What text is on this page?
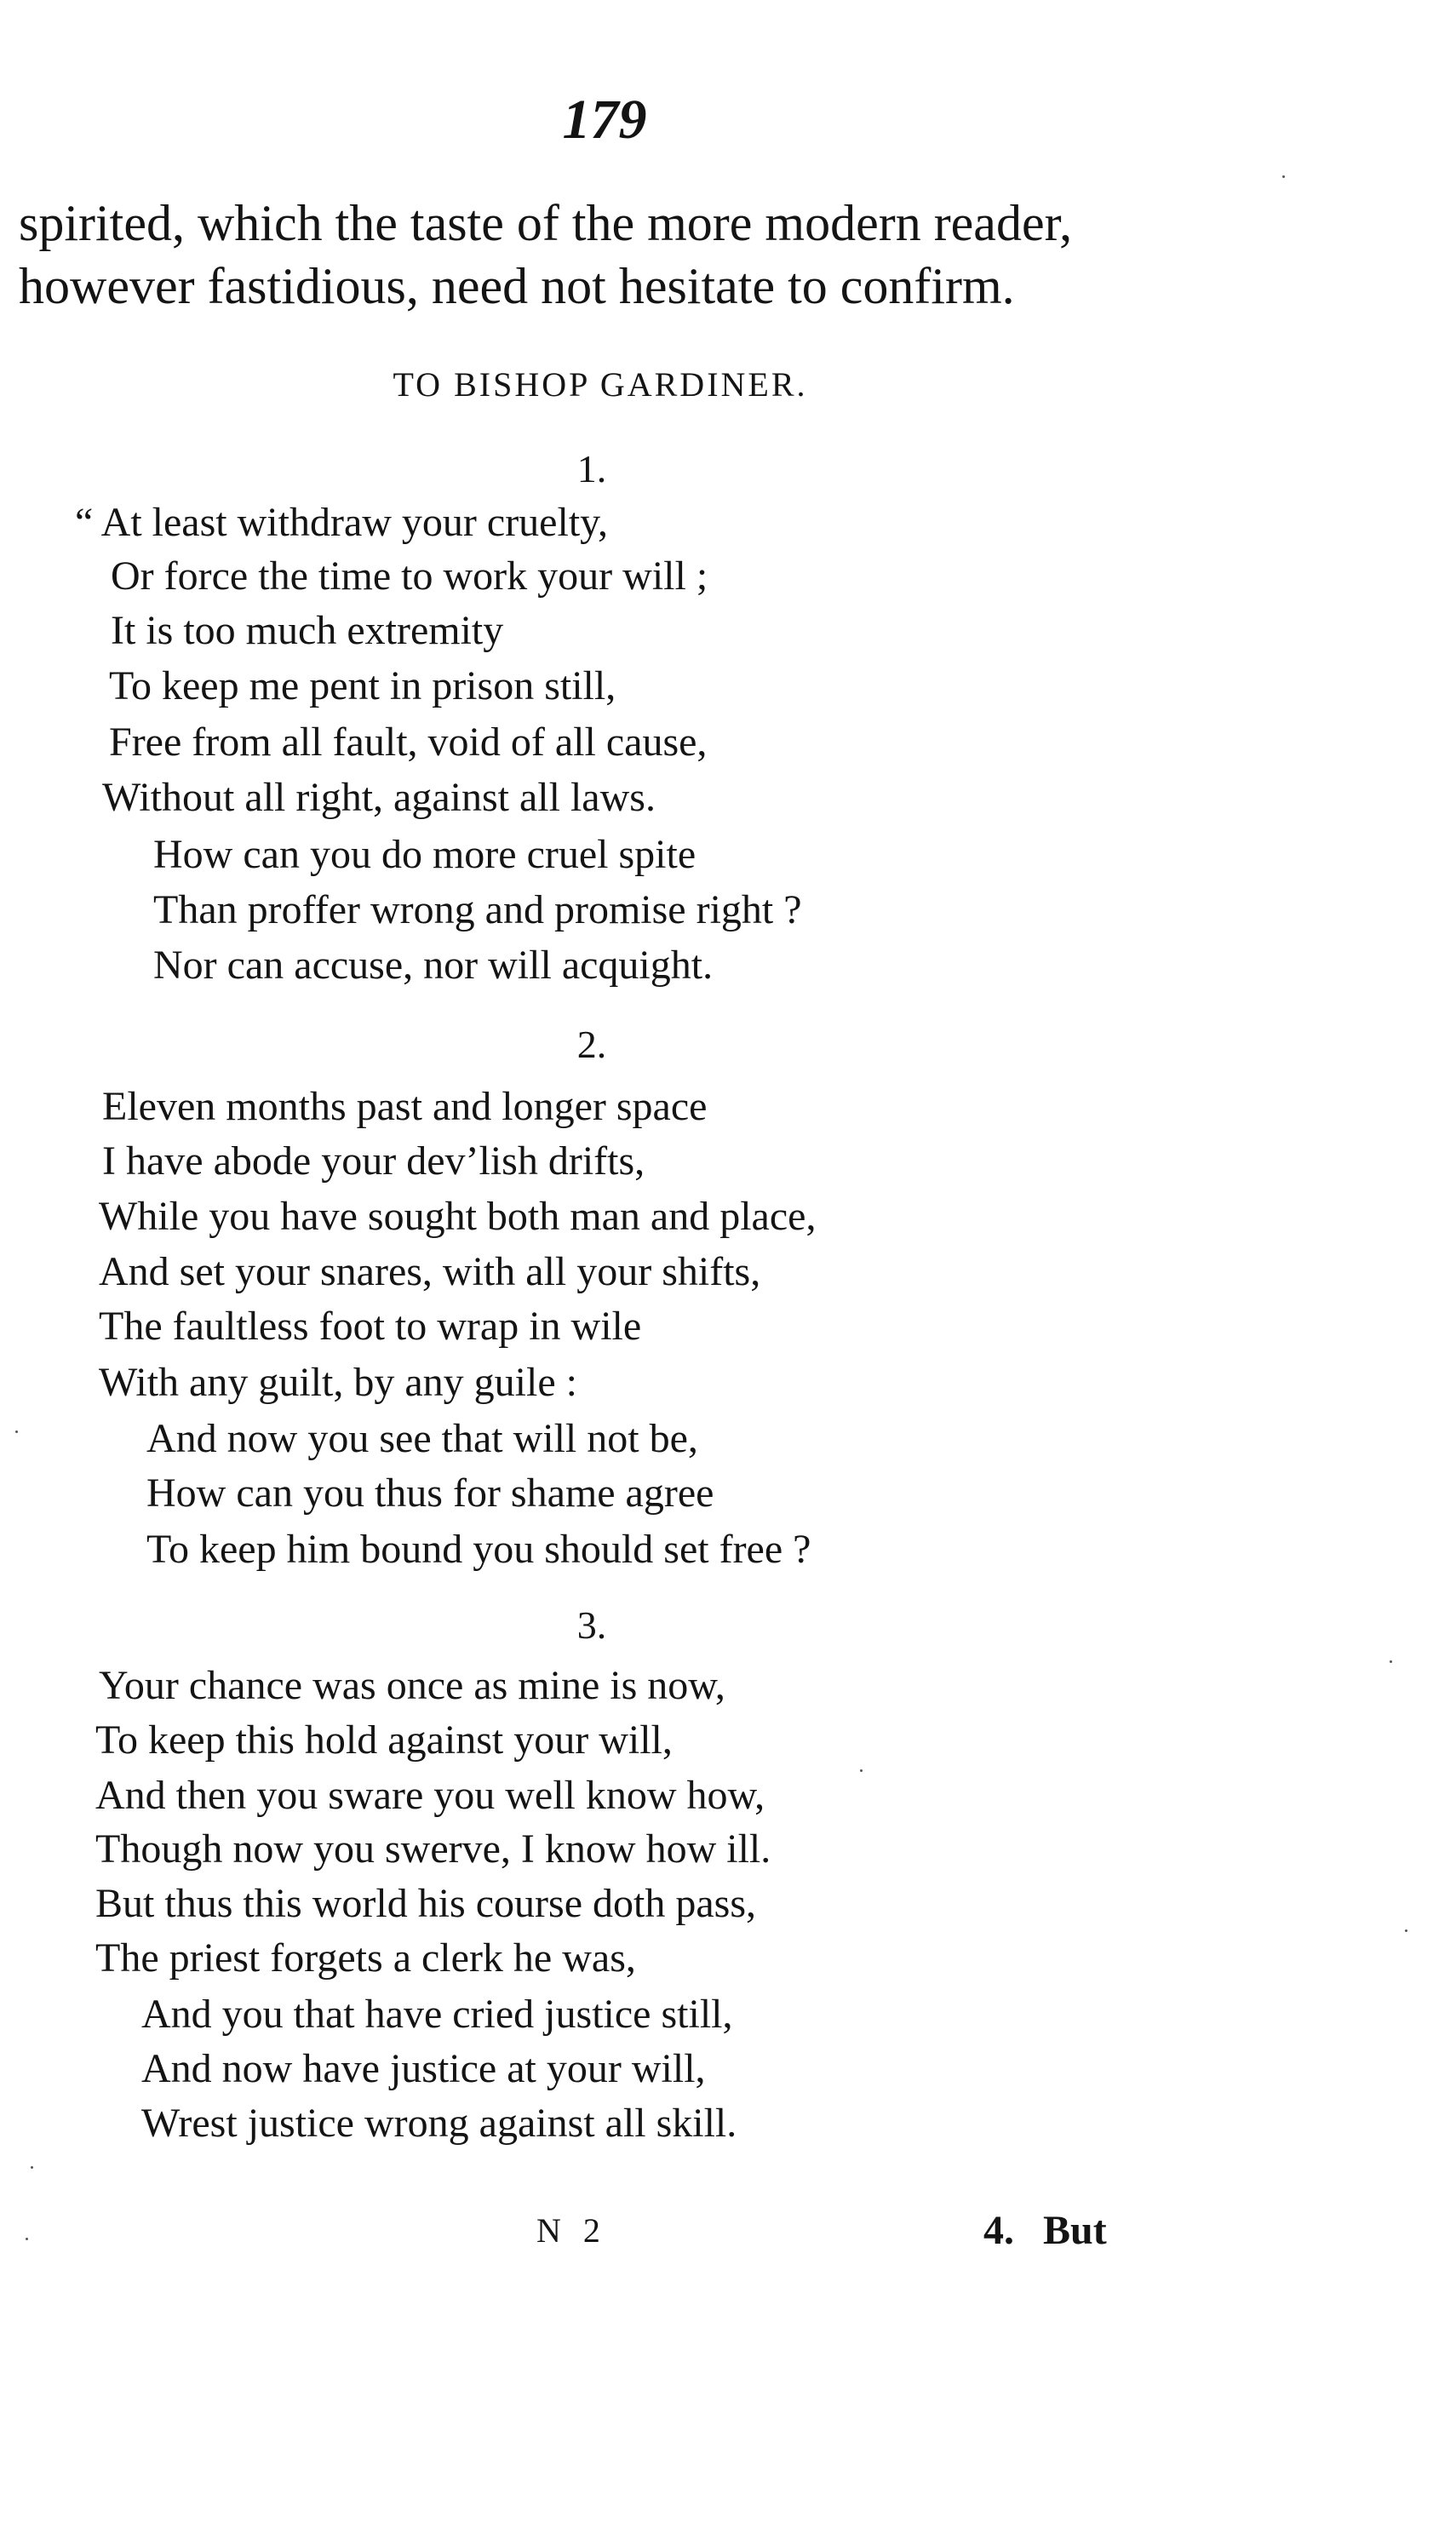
179
spirited, which the taste of the more modern reader,
however fastidious, need not hesitate to confirm.
TO BISHOP GARDINER.
1.
“ At least withdraw your cruelty,
Or force the time to work your will ;
It is too much extremity
To keep me pent in prison still,
Free from all fault, void of all cause,
Without all right, against all laws.
How can you do more cruel spite
Than proffer wrong and promise right ?
Nor can accuse, nor will acquight.
2.
Eleven months past and longer space
I have abode your dev’lish drifts,
While you have sought both man and place,
And set your snares, with all your shifts,
The faultless foot to wrap in wile
With any guilt, by any guile :
And now you see that will not be,
How can you thus for shame agree
To keep him bound you should set free ?
3.
Your chance was once as mine is now,
To keep this hold against your will,
And then you sware you well know how,
Though now you swerve, I know how ill.
But thus this world his course doth pass,
The priest forgets a clerk he was,
And you that have cried justice still,
And now have justice at your will,
Wrest justice wrong against all skill.
N 2	4. But
